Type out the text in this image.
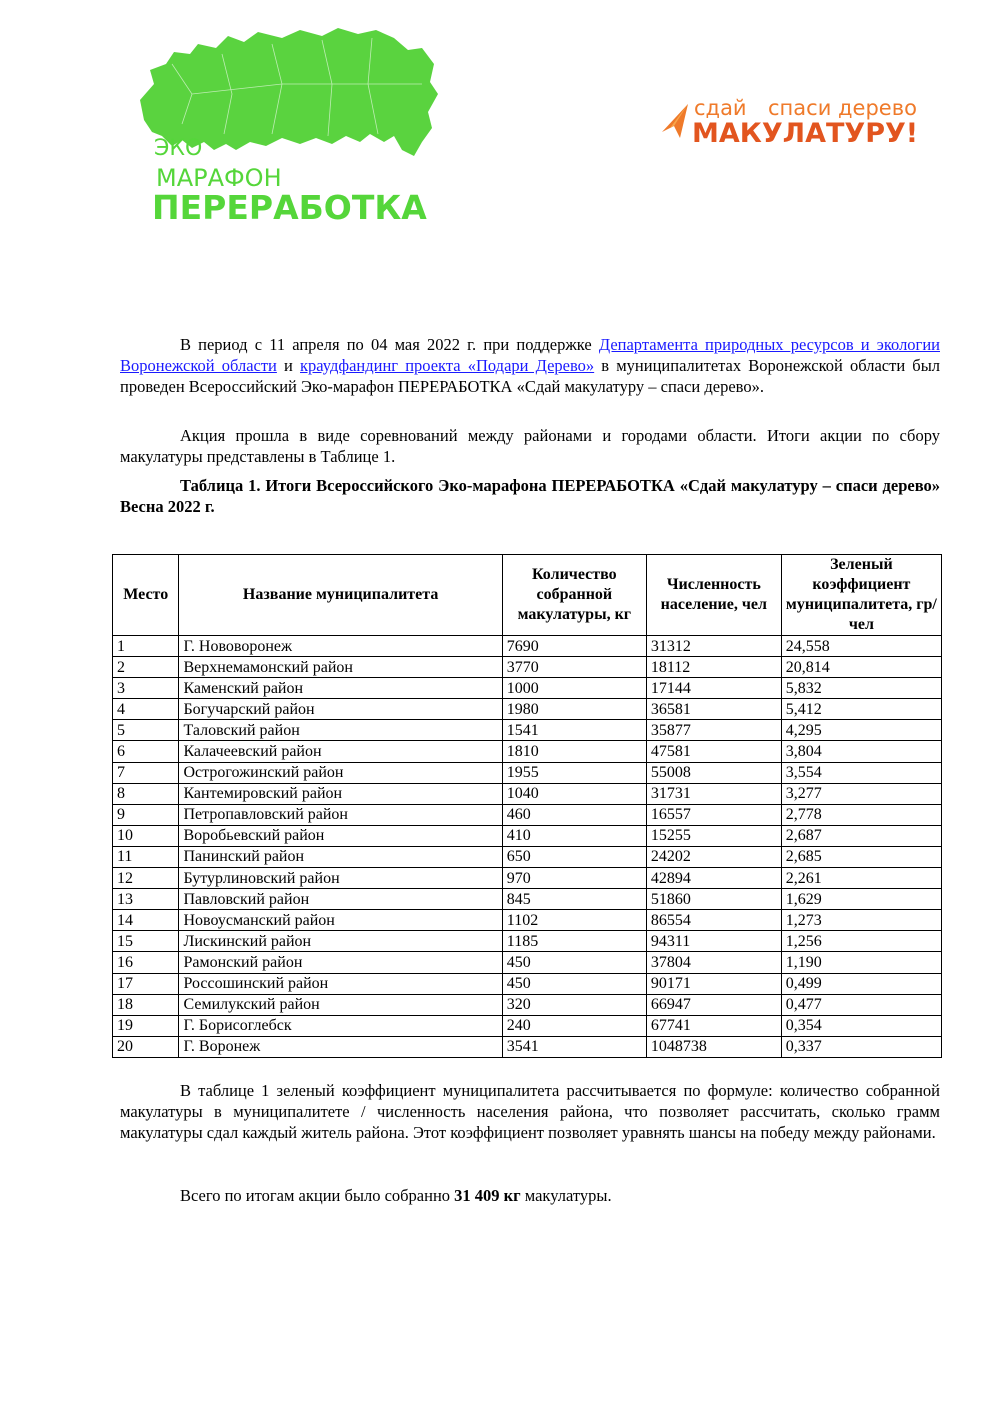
ЭКО
МАРАФОН
ПЕРЕРАБОТКА
сдай спаси дерево
МАКУЛАТУРУ!
В период с 11 апреля по 04 мая 2022 г. при поддержке Департамента природных ресурсов и экологии Воронежской области и краудфандинг проекта «Подари Дерево» в муниципалитетах Воронежской области был проведен Всероссийский Эко-марафон ПЕРЕРАБОТКА «Сдай макулатуру – спаси дерево».
Акция прошла в виде соревнований между районами и городами области. Итоги акции по сбору макулатуры представлены в Таблице 1.
Таблица 1. Итоги Всероссийского Эко-марафона ПЕРЕРАБОТКА «Сдай макулатуру – спаси дерево» Весна 2022 г.
Место	Название муниципалитета	Количество собранной макулатуры, кг	Численность население, чел	Зеленый коэффициент муниципалитета, гр/чел
1	Г. Нововоронеж	7690	31312	24,558
2	Верхнемамонский район	3770	18112	20,814
3	Каменский район	1000	17144	5,832
4	Богучарский район	1980	36581	5,412
5	Таловский район	1541	35877	4,295
6	Калачеевский район	1810	47581	3,804
7	Острогожинский район	1955	55008	3,554
8	Кантемировский район	1040	31731	3,277
9	Петропавловский район	460	16557	2,778
10	Воробьевский район	410	15255	2,687
11	Панинский район	650	24202	2,685
12	Бутурлиновский район	970	42894	2,261
13	Павловский район	845	51860	1,629
14	Новоусманский район	1102	86554	1,273
15	Лискинский район	1185	94311	1,256
16	Рамонский район	450	37804	1,190
17	Россошинский район	450	90171	0,499
18	Семилукский район	320	66947	0,477
19	Г. Борисоглебск	240	67741	0,354
20	Г. Воронеж	3541	1048738	0,337
В таблице 1 зеленый коэффициент муниципалитета рассчитывается по формуле: количество собранной макулатуры в муниципалитете / численность населения района, что позволяет рассчитать, сколько грамм макулатуры сдал каждый житель района. Этот коэффициент позволяет уравнять шансы на победу между районами.
Всего по итогам акции было собранно 31 409 кг макулатуры.
